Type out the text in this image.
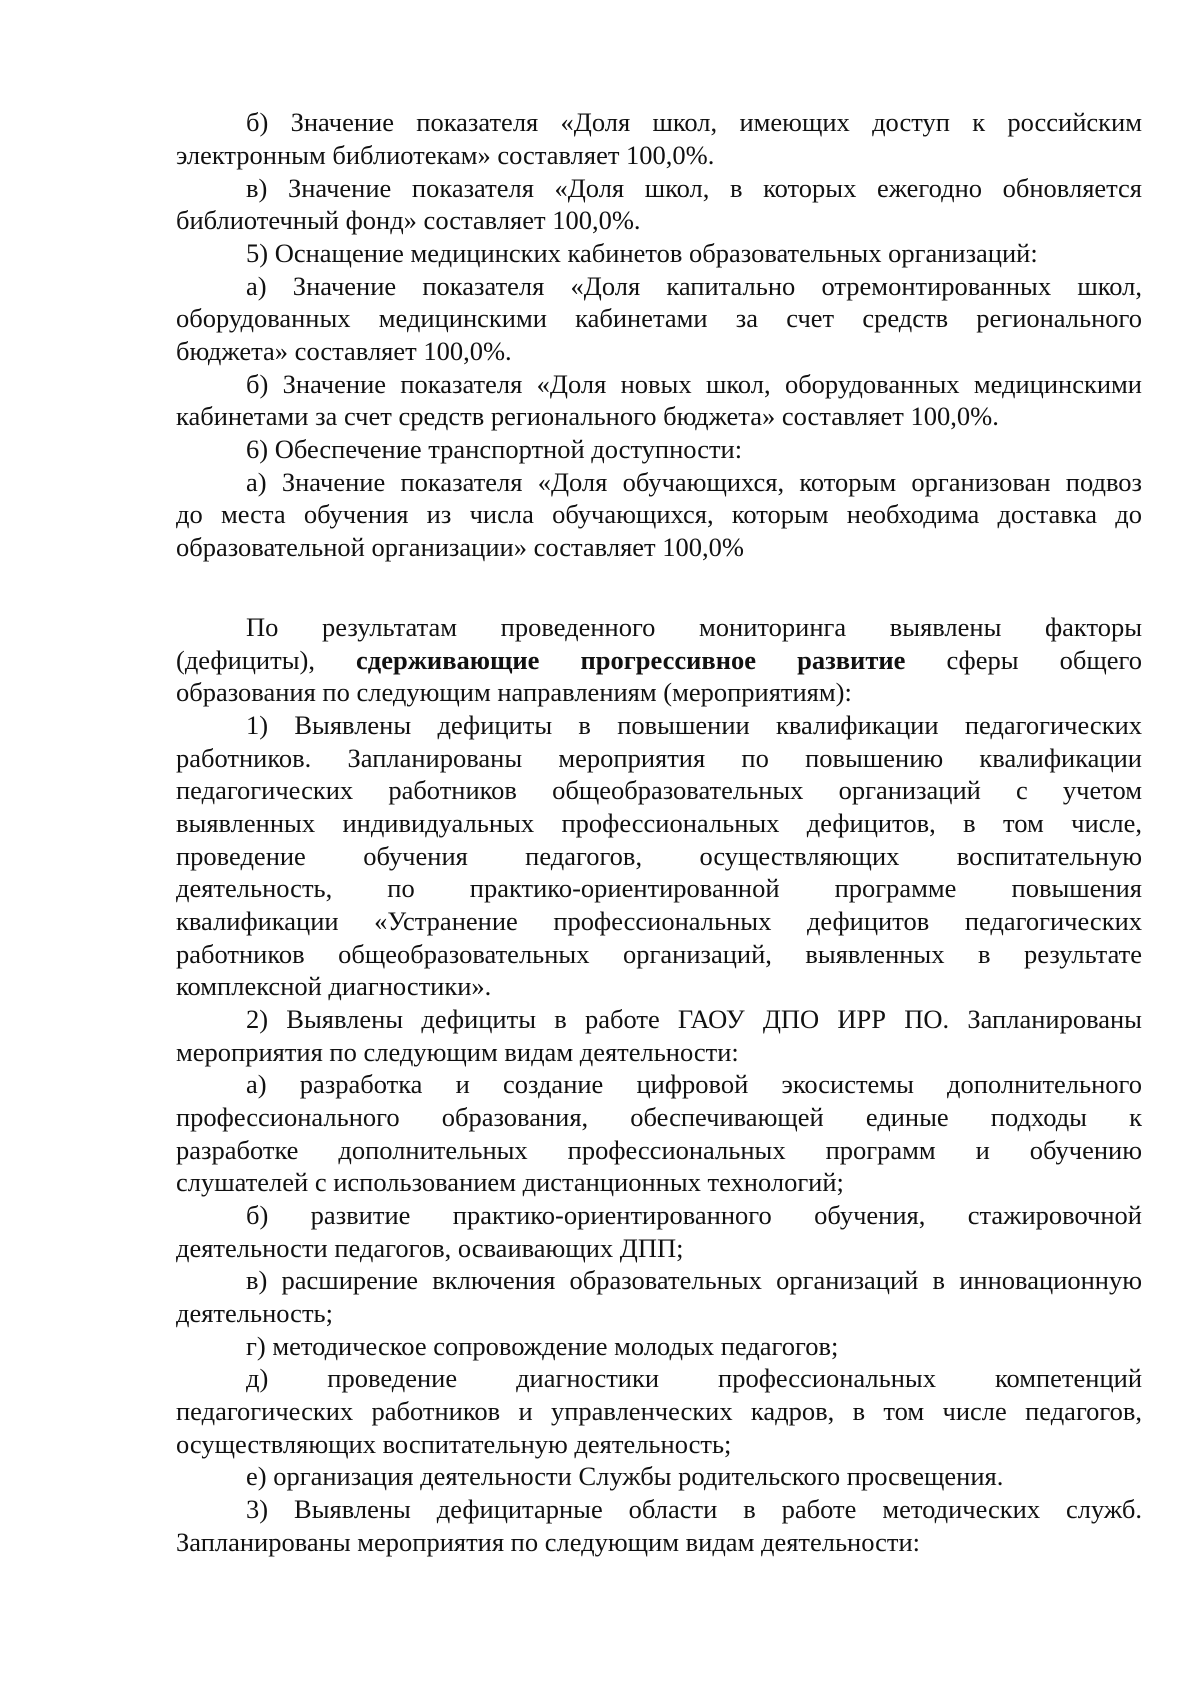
б) Значение показателя «Доля школ, имеющих доступ к российским
электронным библиотекам» составляет 100,0%.
в) Значение показателя «Доля школ, в которых ежегодно обновляется
библиотечный фонд» составляет 100,0%.
5) Оснащение медицинских кабинетов образовательных организаций:
а) Значение показателя «Доля капитально отремонтированных школ,
оборудованных медицинскими кабинетами за счет средств регионального
бюджета» составляет 100,0%.
б) Значение показателя «Доля новых школ, оборудованных медицинскими
кабинетами за счет средств регионального бюджета» составляет 100,0%.
6) Обеспечение транспортной доступности:
а) Значение показателя «Доля обучающихся, которым организован подвоз
до места обучения из числа обучающихся, которым необходима доставка до
образовательной организации» составляет 100,0%
По результатам проведенного мониторинга выявлены факторы
(дефициты), сдерживающие прогрессивное развитие сферы общего
образования по следующим направлениям (мероприятиям):
1) Выявлены дефициты в повышении квалификации педагогических
работников. Запланированы мероприятия по повышению квалификации
педагогических работников общеобразовательных организаций с учетом
выявленных индивидуальных профессиональных дефицитов, в том числе,
проведение обучения педагогов, осуществляющих воспитательную
деятельность, по практико-ориентированной программе повышения
квалификации «Устранение профессиональных дефицитов педагогических
работников общеобразовательных организаций, выявленных в результате
комплексной диагностики».
2) Выявлены дефициты в работе ГАОУ ДПО ИРР ПО. Запланированы
мероприятия по следующим видам деятельности:
а) разработка и создание цифровой экосистемы дополнительного
профессионального образования, обеспечивающей единые подходы к
разработке дополнительных профессиональных программ и обучению
слушателей с использованием дистанционных технологий;
б) развитие практико-ориентированного обучения, стажировочной
деятельности педагогов, осваивающих ДПП;
в) расширение включения образовательных организаций в инновационную
деятельность;
г) методическое сопровождение молодых педагогов;
д) проведение диагностики профессиональных компетенций
педагогических работников и управленческих кадров, в том числе педагогов,
осуществляющих воспитательную деятельность;
е) организация деятельности Службы родительского просвещения.
3) Выявлены дефицитарные области в работе методических служб.
Запланированы мероприятия по следующим видам деятельности:
